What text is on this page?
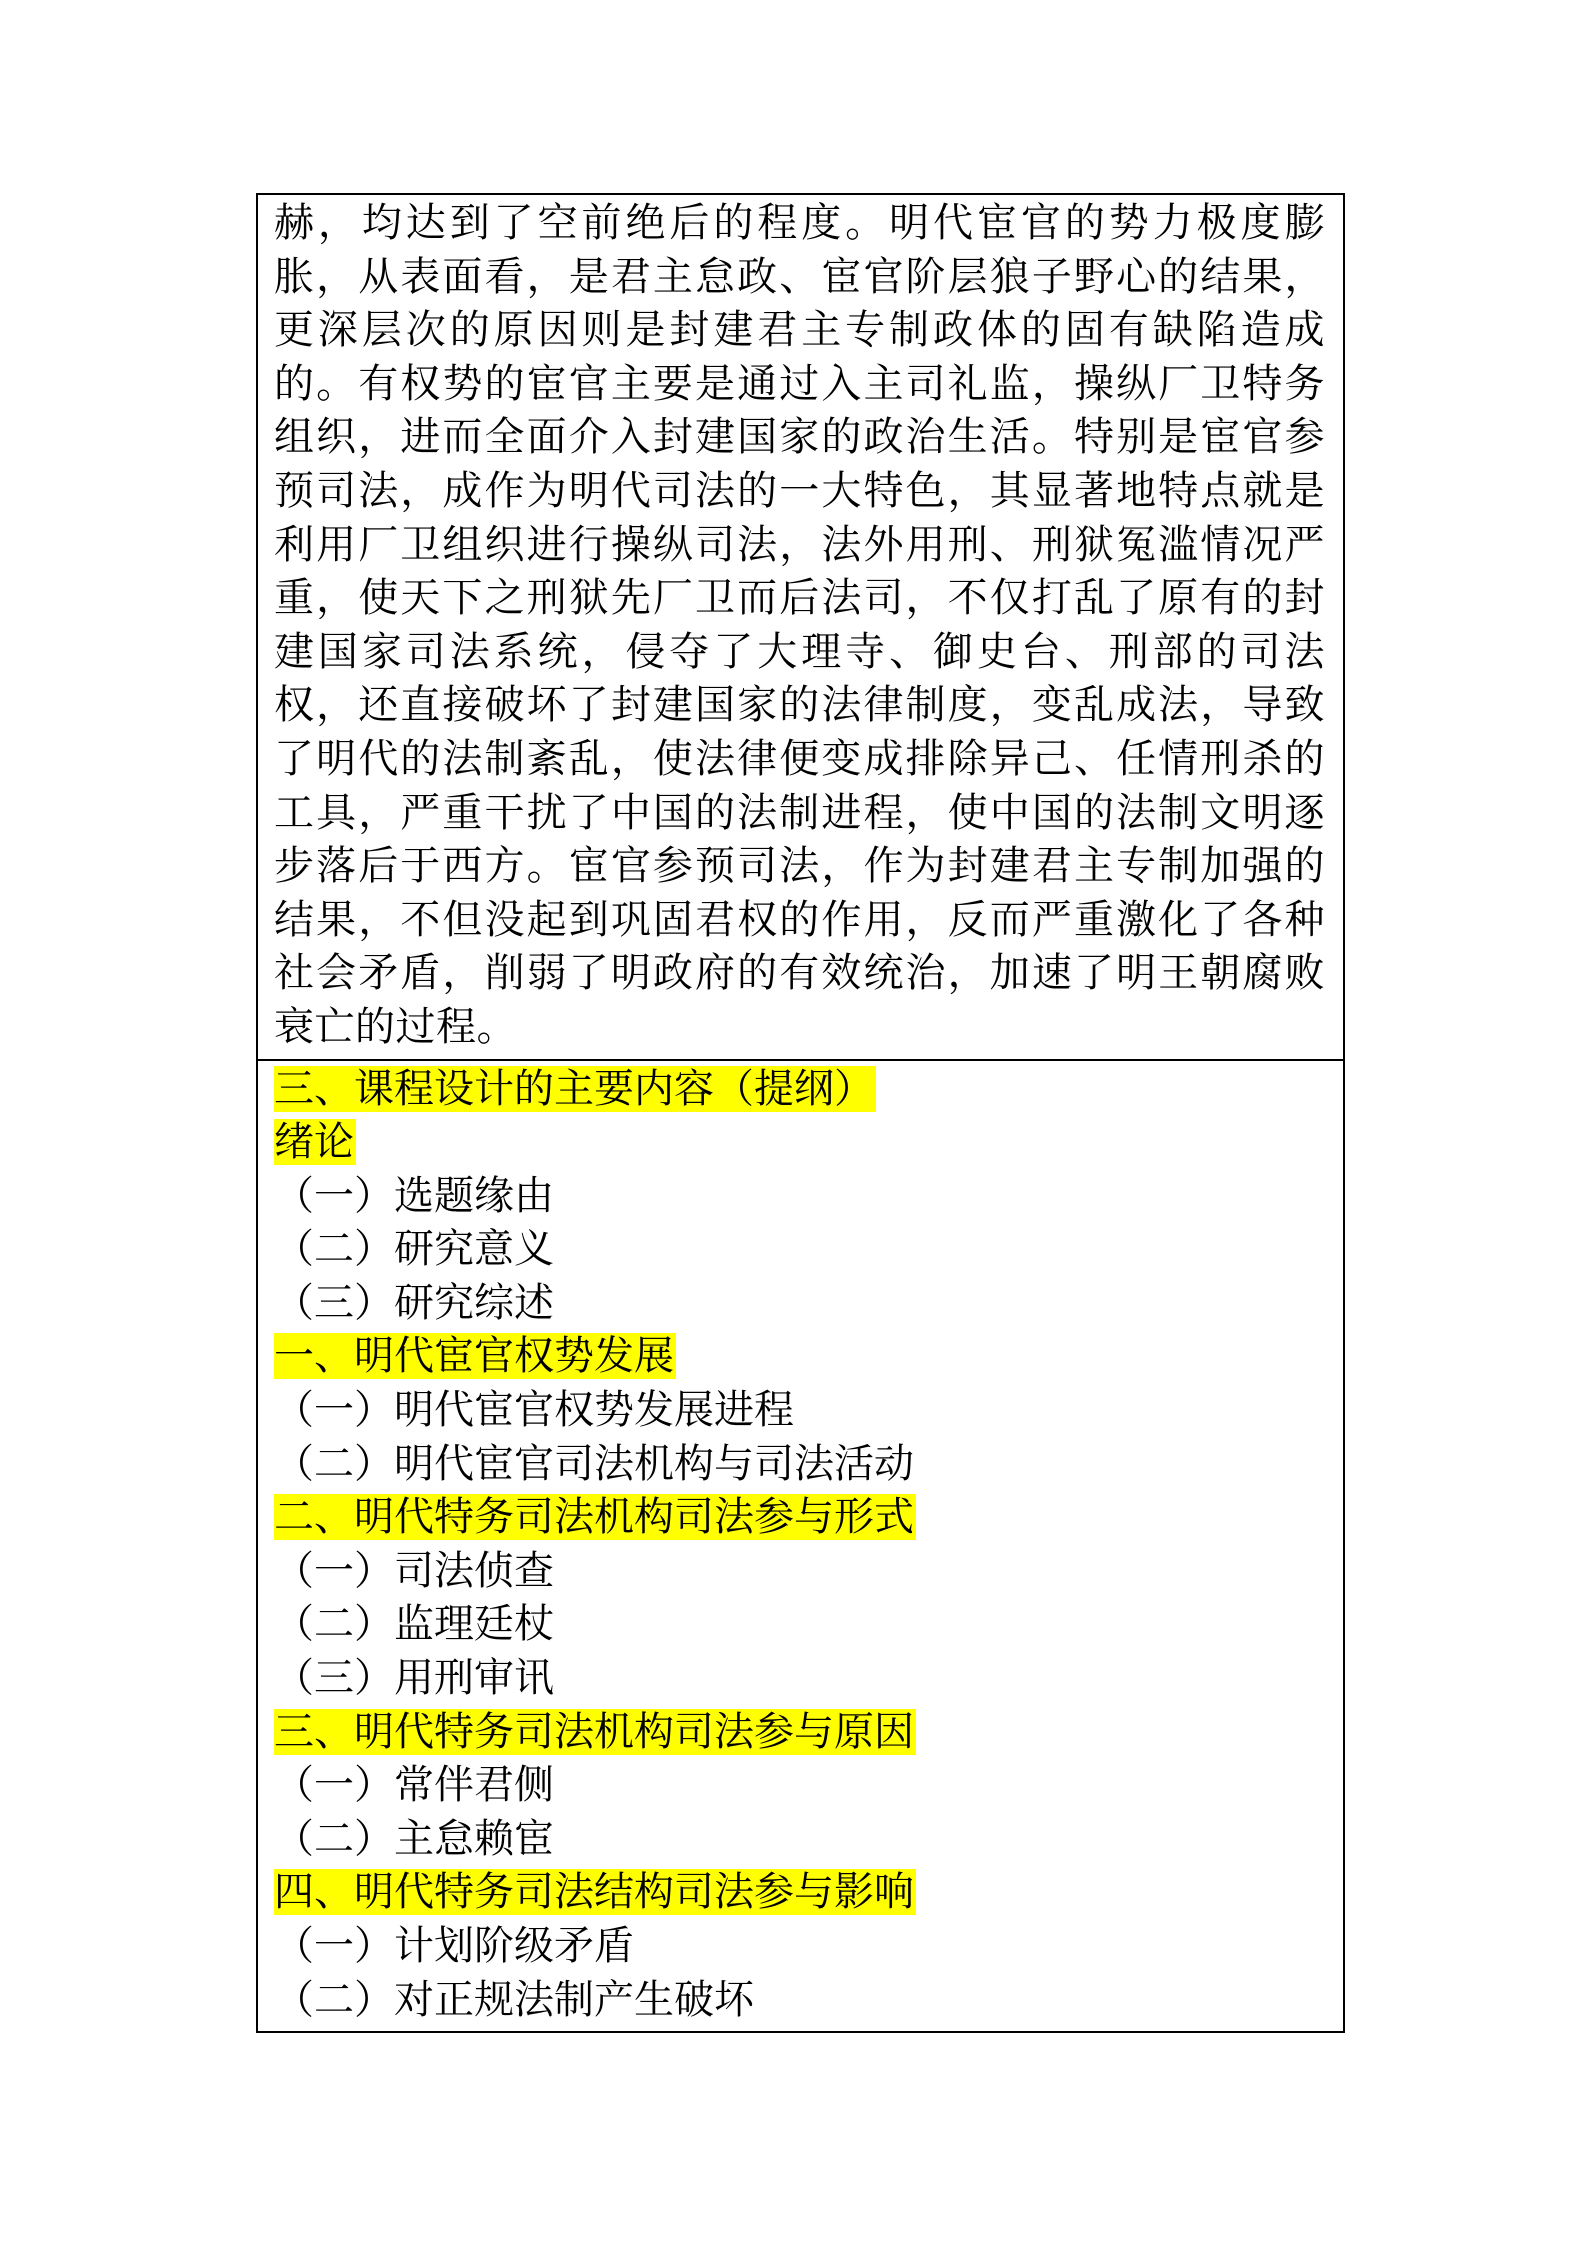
赫，均达到了空前绝后的程度。明代宦官的势力极度膨胀，从表面看，是君主怠政、宦官阶层狼子野心的结果，更深层次的原因则是封建君主专制政体的固有缺陷造成的。有权势的宦官主要是通过入主司礼监，操纵厂卫特务组织，进而全面介入封建国家的政治生活。特别是宦官参预司法，成作为明代司法的一大特色，其显著地特点就是利用厂卫组织进行操纵司法，法外用刑、刑狱冤滥情况严重，使天下之刑狱先厂卫而后法司，不仅打乱了原有的封建国家司法系统，侵夺了大理寺、御史台、刑部的司法权，还直接破坏了封建国家的法律制度，变乱成法，导致了明代的法制紊乱，使法律便变成排除异己、任情刑杀的工具，严重干扰了中国的法制进程，使中国的法制文明逐步落后于西方。宦官参预司法，作为封建君主专制加强的结果，不但没起到巩固君权的作用，反而严重激化了各种社会矛盾，削弱了明政府的有效统治，加速了明王朝腐败衰亡的过程。

三、课程设计的主要内容（提纲）
绪论
（一）选题缘由
（二）研究意义
（三）研究综述
一、明代宦官权势发展
（一）明代宦官权势发展进程
（二）明代宦官司法机构与司法活动
二、明代特务司法机构司法参与形式
（一）司法侦查
（二）监理廷杖
（三）用刑审讯
三、明代特务司法机构司法参与原因
（一）常伴君侧
（二）主怠赖宦
四、明代特务司法结构司法参与影响
（一）计划阶级矛盾
（二）对正规法制产生破坏
